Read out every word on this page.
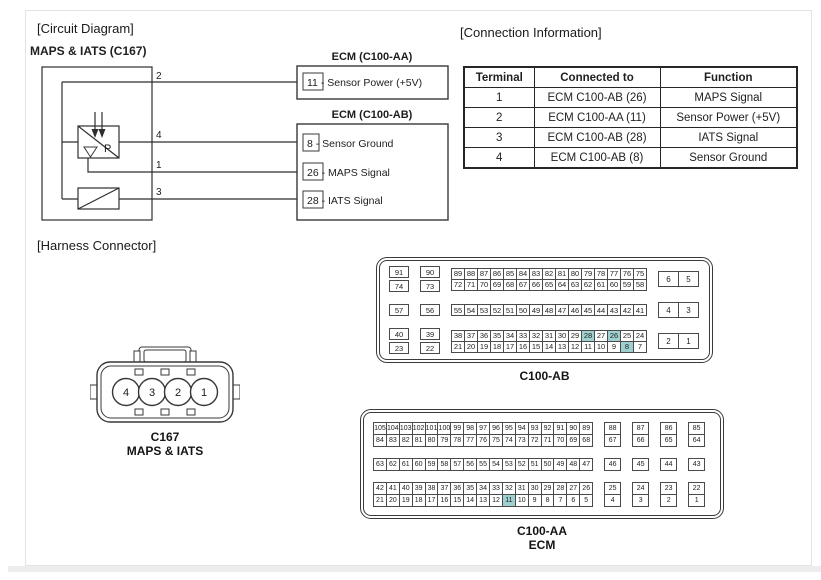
[Circuit Diagram]
MAPS & IATS (C167)
[Connection Information]
[Harness Connector]
P
2
4
1
3
ECM (C100-AA)
11 - Sensor Power (+5V)
ECM (C100-AB)
8 - Sensor Ground
26 - MAPS Signal
28 - IATS Signal
Terminal	Connected to	Function
1	ECM C100-AB (26)	MAPS Signal
2	ECM C100-AA (11)	Sensor Power (+5V)
3	ECM C100-AB (28)	IATS Signal
4	ECM C100-AB (8)	Sensor Ground
4 3 2 1
C167
MAPS & IATS
91
74
90
73
89 88 87 86 85 84 83 82 81 80 79 78 77 76 75
72 71 70 69 68 67 66 65 64 63 62 61 60 59 58
6	5
57	56	55 54 53 52 51 50 49 48 47 46 45 44 43 42 41	4	3
40
23
39
22
38 37 36 35 34 33 32 31 30 29 28 27 26 25 24
21 20 19 18 17 16 15 14 13 12 11 10 9	8	7
2	1
C100-AB
105 104 103 102 101 100 99 98 97 96 95 94 93 92 91 90 89
84 83 82 81 80 79 78 77 76 75 74 73 72 71 70 69 68
88
67
87
66
86
65
85
64
63 62 61 60 59 58 57 56 55 54 53 52 51 50 49 48 47	46	45	44	43
42 41 40 39 38 37 36 35 34 33 32 31 30 29 28 27 26
21 20 19 18 17 16 15 14 13 12 11 10	9	8	7	6	5
25
4
24
3
23
2
22
1
C100-AA
ECM
